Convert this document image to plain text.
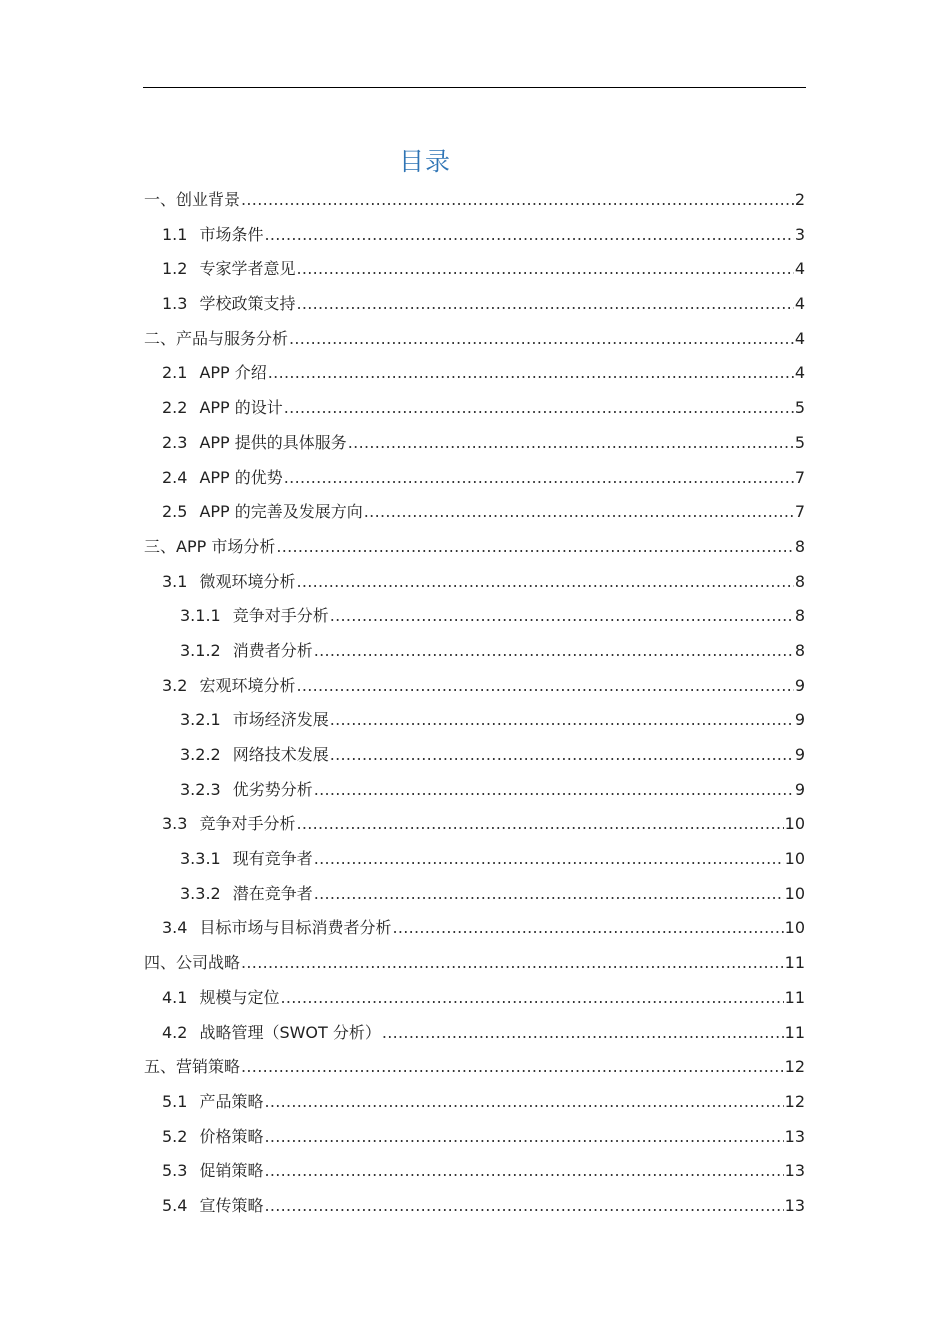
目录
一、 创业背景 .....	2
1.1 市场条件 .....	3
1.2 专家学者意见 .....	4
1.3 学校政策支持 .....	4
二、 产品与服务分析 .....	4
2.1 APP 介绍 .....	4
2.2 APP 的设计 .....	5
2.3 APP 提供的具体服务 .....	5
2.4 APP 的优势 .....	7
2.5 APP 的完善及发展方向 .....	7
三、 APP 市场分析 .....	8
3.1 微观环境分析 .....	8
3.1.1 竞争对手分析 .....	8
3.1.2 消费者分析 .....	8
3.2 宏观环境分析 .....	9
3.2.1 市场经济发展 .....	9
3.2.2 网络技术发展 .....	9
3.2.3 优劣势分析 .....	9
3.3 竞争对手分析 .....	10
3.3.1 现有竞争者 .....	10
3.3.2 潜在竞争者 .....	10
3.4 目标市场与目标消费者分析 .....	10
四、 公司战略 .....	11
4.1 规模与定位 .....	11
4.2 战略管理（SWOT 分析） .....	11
五、 营销策略 .....	12
5.1 产品策略 .....	12
5.2 价格策略 .....	13
5.3 促销策略 .....	13
5.4 宣传策略 .....	13
